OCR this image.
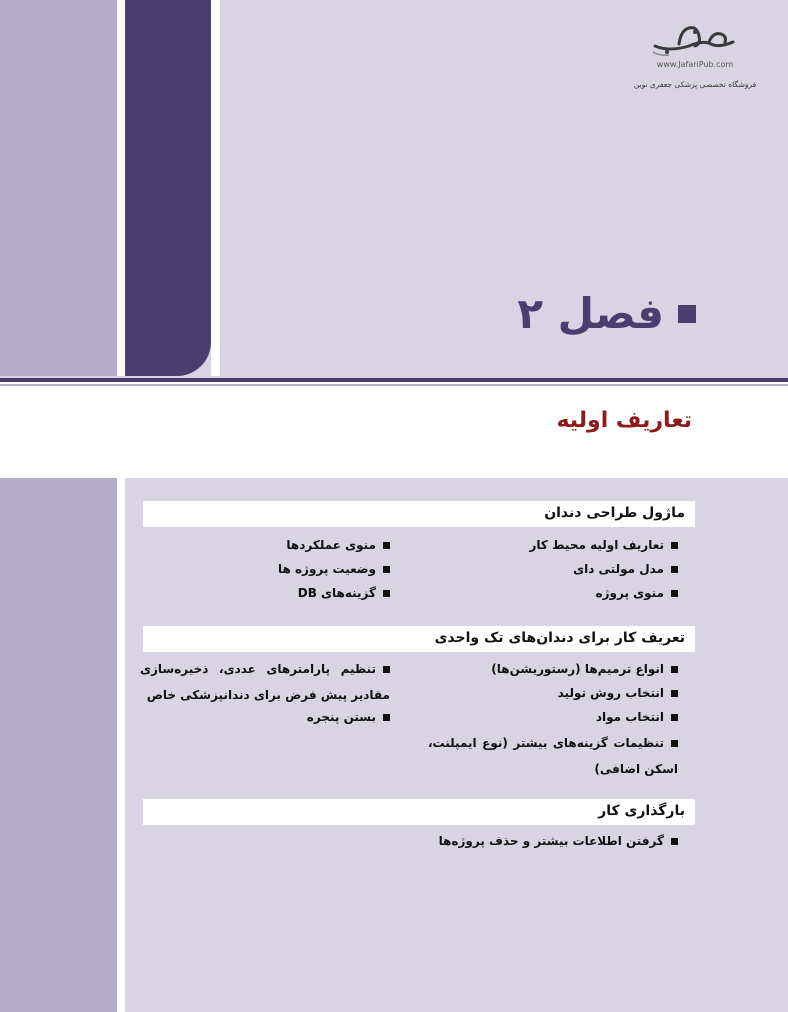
www.JafariPub.com
فروشگاه تخصصی پزشکی جعفری نوین
فصل ۲
تعاریف اولیه
ماژول طراحی دندان
تعاریف اولیه محیط کار
مدل مولتی دای
منوی پروژه
منوی عملکردها
وضعیت پروژه ها
گزینه‌های DB
تعریف کار برای دندان‌های تک واحدی
انواع ترمیم‌ها (رستوریشن‌ها)
انتخاب روش تولید
انتخاب مواد
تنظیمات گزینه‌های بیشتر (نوع ایمپلنت، اسکن اضافی)
تنظیم پارامترهای عددی، ذخیره‌سازی مقادیر پیش فرض برای دندانپزشکی خاص
بستن پنجره
بارگذاری کار
گرفتن اطلاعات بیشتر و حذف پروژه‌ها
